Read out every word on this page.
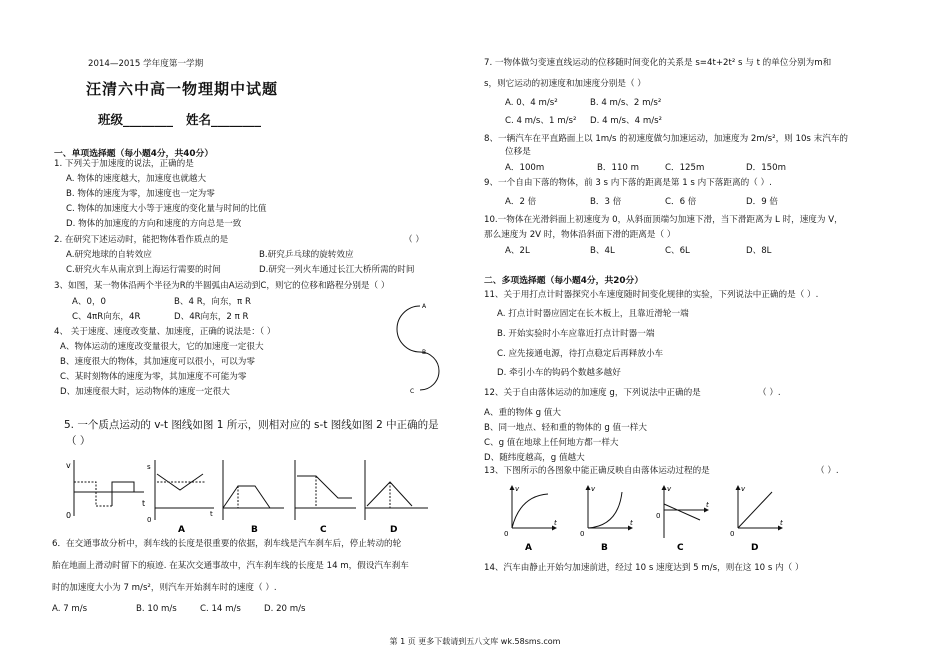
2014—2015 学年度第一学期
汪清六中高一物理期中试题
班级________ 姓名________
一、单项选择题（每小题4分，共40分）
1. 下列关于加速度的说法，正确的是
A. 物体的速度越大，加速度也就越大
B. 物体的速度为零，加速度也一定为零
C. 物体的加速度大小等于速度的变化量与时间的比值
D. 物体的加速度的方向和速度的方向总是一致
2. 在研究下述运动时，能把物体看作质点的是	（ ）
A.研究地球的自转效应	B.研究乒乓球的旋转效应
C.研究火车从南京到上海运行需要的时间	D.研究一列火车通过长江大桥所需的时间
3、如图，某一物体沿两个半径为R的半圆弧由A运动到C，则它的位移和路程分别是（ ）
A、0，0	B、4 R，向东，π R
C、4πR向东，4R	D、4R向东，2 π R
A
B
C
4、 关于速度、速度改变量、加速度，正确的说法是：（ ）
A、物体运动的速度改变量很大，它的加速度一定很大
B、速度很大的物体，其加速度可以很小，可以为零
C、某时刻物体的速度为零，其加速度不可能为零
D、加速度很大时，运动物体的速度一定很大
5. 一个质点运动的 v-t 图线如图 1 所示，则相对应的 s-t 图线如图 2 中正确的是
（ ）
v
t
0
s
t
0
A	B	C	D
6．在交通事故分析中，刹车线的长度是很重要的依据，刹车线是汽车刹车后，停止转动的轮
胎在地面上滑动时留下的痕迹. 在某次交通事故中，汽车刹车线的长度是 14 m，假设汽车刹车
时的加速度大小为 7 m/s²，则汽车开始刹车时的速度（ ）.
A. 7 m/s	B. 10 m/s	C. 14 m/s	D. 20 m/s
7. 一物体做匀变速直线运动的位移随时间变化的关系是 s=4t+2t² s 与 t 的单位分别为m和
s，则它运动的初速度和加速度分别是（ ）
A. 0、4 m/s²	B. 4 m/s、2 m/s²
C. 4 m/s、1 m/s² D. 4 m/s、4 m/s²
8、一辆汽车在平直路面上以 1m/s 的初速度做匀加速运动，加速度为 2m/s²，则 10s 末汽车的
位移是
A．100m	B．110 m	C．125m	D．150m
9、一个自由下落的物体，前 3 s 内下落的距离是第 1 s 内下落距离的（ ）.
A．2 倍	B．3 倍	C．6 倍	D．9 倍
10.一物体在光滑斜面上初速度为 0，从斜面顶端匀加速下滑，当下滑距离为 L 时，速度为 V，
那么速度为 2V 时，物体沿斜面下滑的距离是（ ）
A、2L	B、4L	C、6L	D、8L
二、多项选择题（每小题4分，共20分）
11、关于用打点计时器探究小车速度随时间变化规律的实验，下列说法中正确的是（ ）.
A. 打点计时器应固定在长木板上，且靠近滑轮一端
B. 开始实验时小车应靠近打点计时器一端
C. 应先接通电源，待打点稳定后再释放小车
D. 牵引小车的钩码个数越多越好
12、关于自由落体运动的加速度 g，下列说法中正确的是	（ ）.
A、重的物体 g 值大
B、同一地点、轻和重的物体的 g 值一样大
C、g 值在地球上任何地方都一样大
D、随纬度越高，g 值越大
13、下图所示的各图象中能正确反映自由落体运动过程的是	（ ）.
v
t
0
v
t
0
v
t
0
v
t
0
A	B	C	D
14、汽车由静止开始匀加速前进，经过 10 s 速度达到 5 m/s，则在这 10 s 内（ ）
第 1 页 更多下载请到五八文库 wk.58sms.com
